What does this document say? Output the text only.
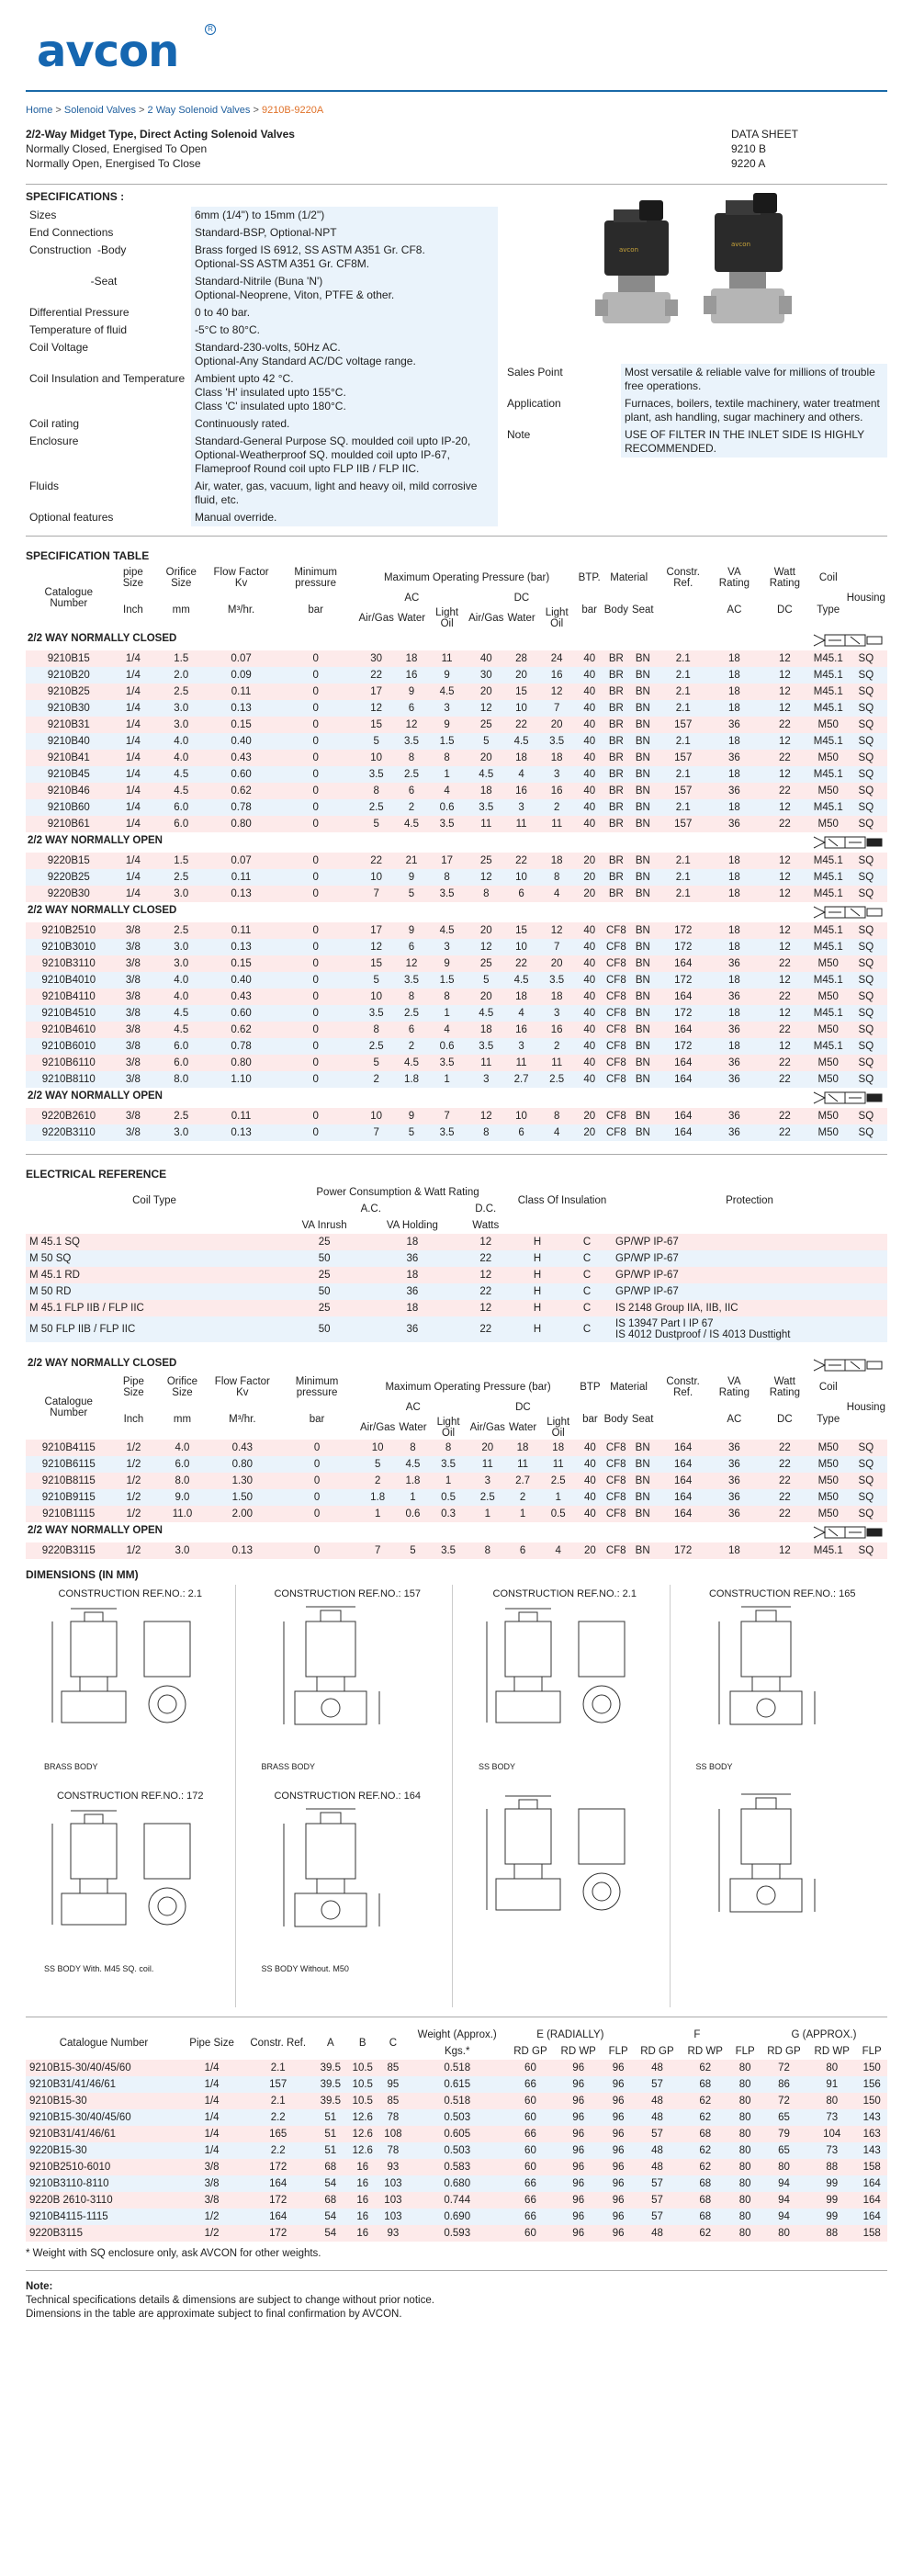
avcon	R
Home > Solenoid Valves > 2 Way Solenoid Valves > 9210B-9220A
2/2-Way Midget Type, Direct Acting Solenoid Valves
Normally Closed, Energised To Open
Normally Open, Energised To Close
DATA SHEET
9210 B
9220 A
SPECIFICATIONS :
Sizes	6mm (1/4") to 15mm (1/2")
End Connections	Standard-BSP, Optional-NPT
Construction  -Body	Brass forged IS 6912, SS ASTM A351 Gr. CF8.
Optional-SS ASTM A351 Gr. CF8M.
-Seat	Standard-Nitrile (Buna 'N')
Optional-Neoprene, Viton, PTFE & other.
Differential Pressure	0 to 40 bar.
Temperature of fluid	-5°C to 80°C.
Coil Voltage	Standard-230-volts, 50Hz AC.
Optional-Any Standard AC/DC voltage range.
Coil Insulation and Temperature	Ambient upto 42 °C.
Class 'H' insulated upto 155°C.
Class 'C' insulated upto 180°C.
Coil rating	Continuously rated.
Enclosure	Standard-General Purpose SQ. moulded coil upto IP-20,
Optional-Weatherproof SQ. moulded coil upto IP-67,
Flameproof Round coil upto FLP IIB / FLP IIC.
Fluids	Air, water, gas, vacuum, light and heavy oil, mild corrosive fluid, etc.
Optional features	Manual override.
avcon
avcon
Sales Point	Most versatile & reliable valve for millions of trouble free operations.
Application	Furnaces, boilers, textile machinery, water treatment plant, ash handling, sugar machinery and others.
Note	USE OF FILTER IN THE INLET SIDE IS HIGHLY RECOMMENDED.
SPECIFICATION TABLE
Catalogue Number	pipe Size	Orifice Size	Flow Factor Kv	Minimum pressure	Maximum Operating Pressure (bar)						BTP.	Material		Constr. Ref.	VA Rating	Watt Rating	Coil	Housing
	Inch	mm	M³/hr.	bar	AC			DC			bar	Body	Seat		AC	DC	Type	
					Air/Gas	Water	Light Oil	Air/Gas	Water	Light Oil								
2/2 WAY NORMALLY CLOSED																		

9210B15	1/4	1.5	0.07	0	30	18	11	40	28	24	40	BR	BN	2.1	18	12	M45.1	SQ
9210B20	1/4	2.0	0.09	0	22	16	9	30	20	16	40	BR	BN	2.1	18	12	M45.1	SQ
9210B25	1/4	2.5	0.11	0	17	9	4.5	20	15	12	40	BR	BN	2.1	18	12	M45.1	SQ
9210B30	1/4	3.0	0.13	0	12	6	3	12	10	7	40	BR	BN	2.1	18	12	M45.1	SQ
9210B31	1/4	3.0	0.15	0	15	12	9	25	22	20	40	BR	BN	157	36	22	M50	SQ
9210B40	1/4	4.0	0.40	0	5	3.5	1.5	5	4.5	3.5	40	BR	BN	2.1	18	12	M45.1	SQ
9210B41	1/4	4.0	0.43	0	10	8	8	20	18	18	40	BR	BN	157	36	22	M50	SQ
9210B45	1/4	4.5	0.60	0	3.5	2.5	1	4.5	4	3	40	BR	BN	2.1	18	12	M45.1	SQ
9210B46	1/4	4.5	0.62	0	8	6	4	18	16	16	40	BR	BN	157	36	22	M50	SQ
9210B60	1/4	6.0	0.78	0	2.5	2	0.6	3.5	3	2	40	BR	BN	2.1	18	12	M45.1	SQ
9210B61	1/4	6.0	0.80	0	5	4.5	3.5	11	11	11	40	BR	BN	157	36	22	M50	SQ
2/2 WAY NORMALLY OPEN																		

9220B15	1/4	1.5	0.07	0	22	21	17	25	22	18	20	BR	BN	2.1	18	12	M45.1	SQ
9220B25	1/4	2.5	0.11	0	10	9	8	12	10	8	20	BR	BN	2.1	18	12	M45.1	SQ
9220B30	1/4	3.0	0.13	0	7	5	3.5	8	6	4	20	BR	BN	2.1	18	12	M45.1	SQ
2/2 WAY NORMALLY CLOSED																		

9210B2510	3/8	2.5	0.11	0	17	9	4.5	20	15	12	40	CF8	BN	172	18	12	M45.1	SQ
9210B3010	3/8	3.0	0.13	0	12	6	3	12	10	7	40	CF8	BN	172	18	12	M45.1	SQ
9210B3110	3/8	3.0	0.15	0	15	12	9	25	22	20	40	CF8	BN	164	36	22	M50	SQ
9210B4010	3/8	4.0	0.40	0	5	3.5	1.5	5	4.5	3.5	40	CF8	BN	172	18	12	M45.1	SQ
9210B4110	3/8	4.0	0.43	0	10	8	8	20	18	18	40	CF8	BN	164	36	22	M50	SQ
9210B4510	3/8	4.5	0.60	0	3.5	2.5	1	4.5	4	3	40	CF8	BN	172	18	12	M45.1	SQ
9210B4610	3/8	4.5	0.62	0	8	6	4	18	16	16	40	CF8	BN	164	36	22	M50	SQ
9210B6010	3/8	6.0	0.78	0	2.5	2	0.6	3.5	3	2	40	CF8	BN	172	18	12	M45.1	SQ
9210B6110	3/8	6.0	0.80	0	5	4.5	3.5	11	11	11	40	CF8	BN	164	36	22	M50	SQ
9210B8110	3/8	8.0	1.10	0	2	1.8	1	3	2.7	2.5	40	CF8	BN	164	36	22	M50	SQ
2/2 WAY NORMALLY OPEN																		

9220B2610	3/8	2.5	0.11	0	10	9	7	12	10	8	20	CF8	BN	164	36	22	M50	SQ
9220B3110	3/8	3.0	0.13	0	7	5	3.5	8	6	4	20	CF8	BN	164	36	22	M50	SQ
ELECTRICAL REFERENCE
Coil Type	Power Consumption & Watt Rating			Class Of Insulation		Protection
	A.C.		D.C.			
	VA Inrush	VA Holding	Watts			
M 45.1 SQ	25	18	12	H	C	GP/WP IP-67
M 50 SQ	50	36	22	H	C	GP/WP IP-67
M 45.1 RD	25	18	12	H	C	GP/WP IP-67
M 50 RD	50	36	22	H	C	GP/WP IP-67
M 45.1 FLP IIB / FLP IIC	25	18	12	H	C	IS 2148 Group IIA, IIB, IIC
M 50 FLP IIB / FLP IIC	50	36	22	H	C	IS 13947 Part I IP 67
IS 4012 Dustproof / IS 4013 Dusttight
2/2 WAY NORMALLY CLOSED																		

Catalogue Number	Pipe Size	Orifice Size	Flow Factor Kv	Minimum pressure	Maximum Operating Pressure (bar)						BTP	Material		Constr. Ref.	VA Rating	Watt Rating	Coil	Housing
	Inch	mm	M³/hr.	bar	AC			DC			bar	Body	Seat		AC	DC	Type	
					Air/Gas	Water	Light Oil	Air/Gas	Water	Light Oil								
9210B4115	1/2	4.0	0.43	0	10	8	8	20	18	18	40	CF8	BN	164	36	22	M50	SQ
9210B6115	1/2	6.0	0.80	0	5	4.5	3.5	11	11	11	40	CF8	BN	164	36	22	M50	SQ
9210B8115	1/2	8.0	1.30	0	2	1.8	1	3	2.7	2.5	40	CF8	BN	164	36	22	M50	SQ
9210B9115	1/2	9.0	1.50	0	1.8	1	0.5	2.5	2	1	40	CF8	BN	164	36	22	M50	SQ
9210B1115	1/2	11.0	2.00	0	1	0.6	0.3	1	1	0.5	40	CF8	BN	164	36	22	M50	SQ
2/2 WAY NORMALLY OPEN																		

9220B3115	1/2	3.0	0.13	0	7	5	3.5	8	6	4	20	CF8	BN	172	18	12	M45.1	SQ
DIMENSIONS (IN MM)
CONSTRUCTION REF.NO.: 2.1
BRASS BODY
CONSTRUCTION REF.NO.: 157
BRASS BODY
CONSTRUCTION REF.NO.: 2.1
SS BODY
CONSTRUCTION REF.NO.: 165
SS BODY
CONSTRUCTION REF.NO.: 172
SS BODY With. M45 SQ. coil.
CONSTRUCTION REF.NO.: 164
SS BODY Without. M50
Catalogue Number	Pipe Size	Constr. Ref.	A	B	C	Weight (Approx.)	E (RADIALLY)			F			G (APPROX.)		
						Kgs.*	RD GP	RD WP	FLP	RD GP	RD WP	FLP	RD GP	RD WP	FLP
9210B15-30/40/45/60	1/4	2.1	39.5	10.5	85	0.518	60	96	96	48	62	80	72	80	150
9210B31/41/46/61	1/4	157	39.5	10.5	95	0.615	66	96	96	57	68	80	86	91	156
9210B15-30	1/4	2.1	39.5	10.5	85	0.518	60	96	96	48	62	80	72	80	150
9210B15-30/40/45/60	1/4	2.2	51	12.6	78	0.503	60	96	96	48	62	80	65	73	143
9210B31/41/46/61	1/4	165	51	12.6	108	0.605	66	96	96	57	68	80	79	104	163
9220B15-30	1/4	2.2	51	12.6	78	0.503	60	96	96	48	62	80	65	73	143
9210B2510-6010	3/8	172	68	16	93	0.583	60	96	96	48	62	80	80	88	158
9210B3110-8110	3/8	164	54	16	103	0.680	66	96	96	57	68	80	94	99	164
9220B 2610-3110	3/8	172	68	16	103	0.744	66	96	96	57	68	80	94	99	164
9210B4115-1115	1/2	164	54	16	103	0.690	66	96	96	57	68	80	94	99	164
9220B3115	1/2	172	54	16	93	0.593	60	96	96	48	62	80	80	88	158
* Weight with SQ enclosure only, ask AVCON for other weights.
Note:
Technical specifications details & dimensions are subject to change without prior notice.
Dimensions in the table are approximate subject to final confirmation by AVCON.
